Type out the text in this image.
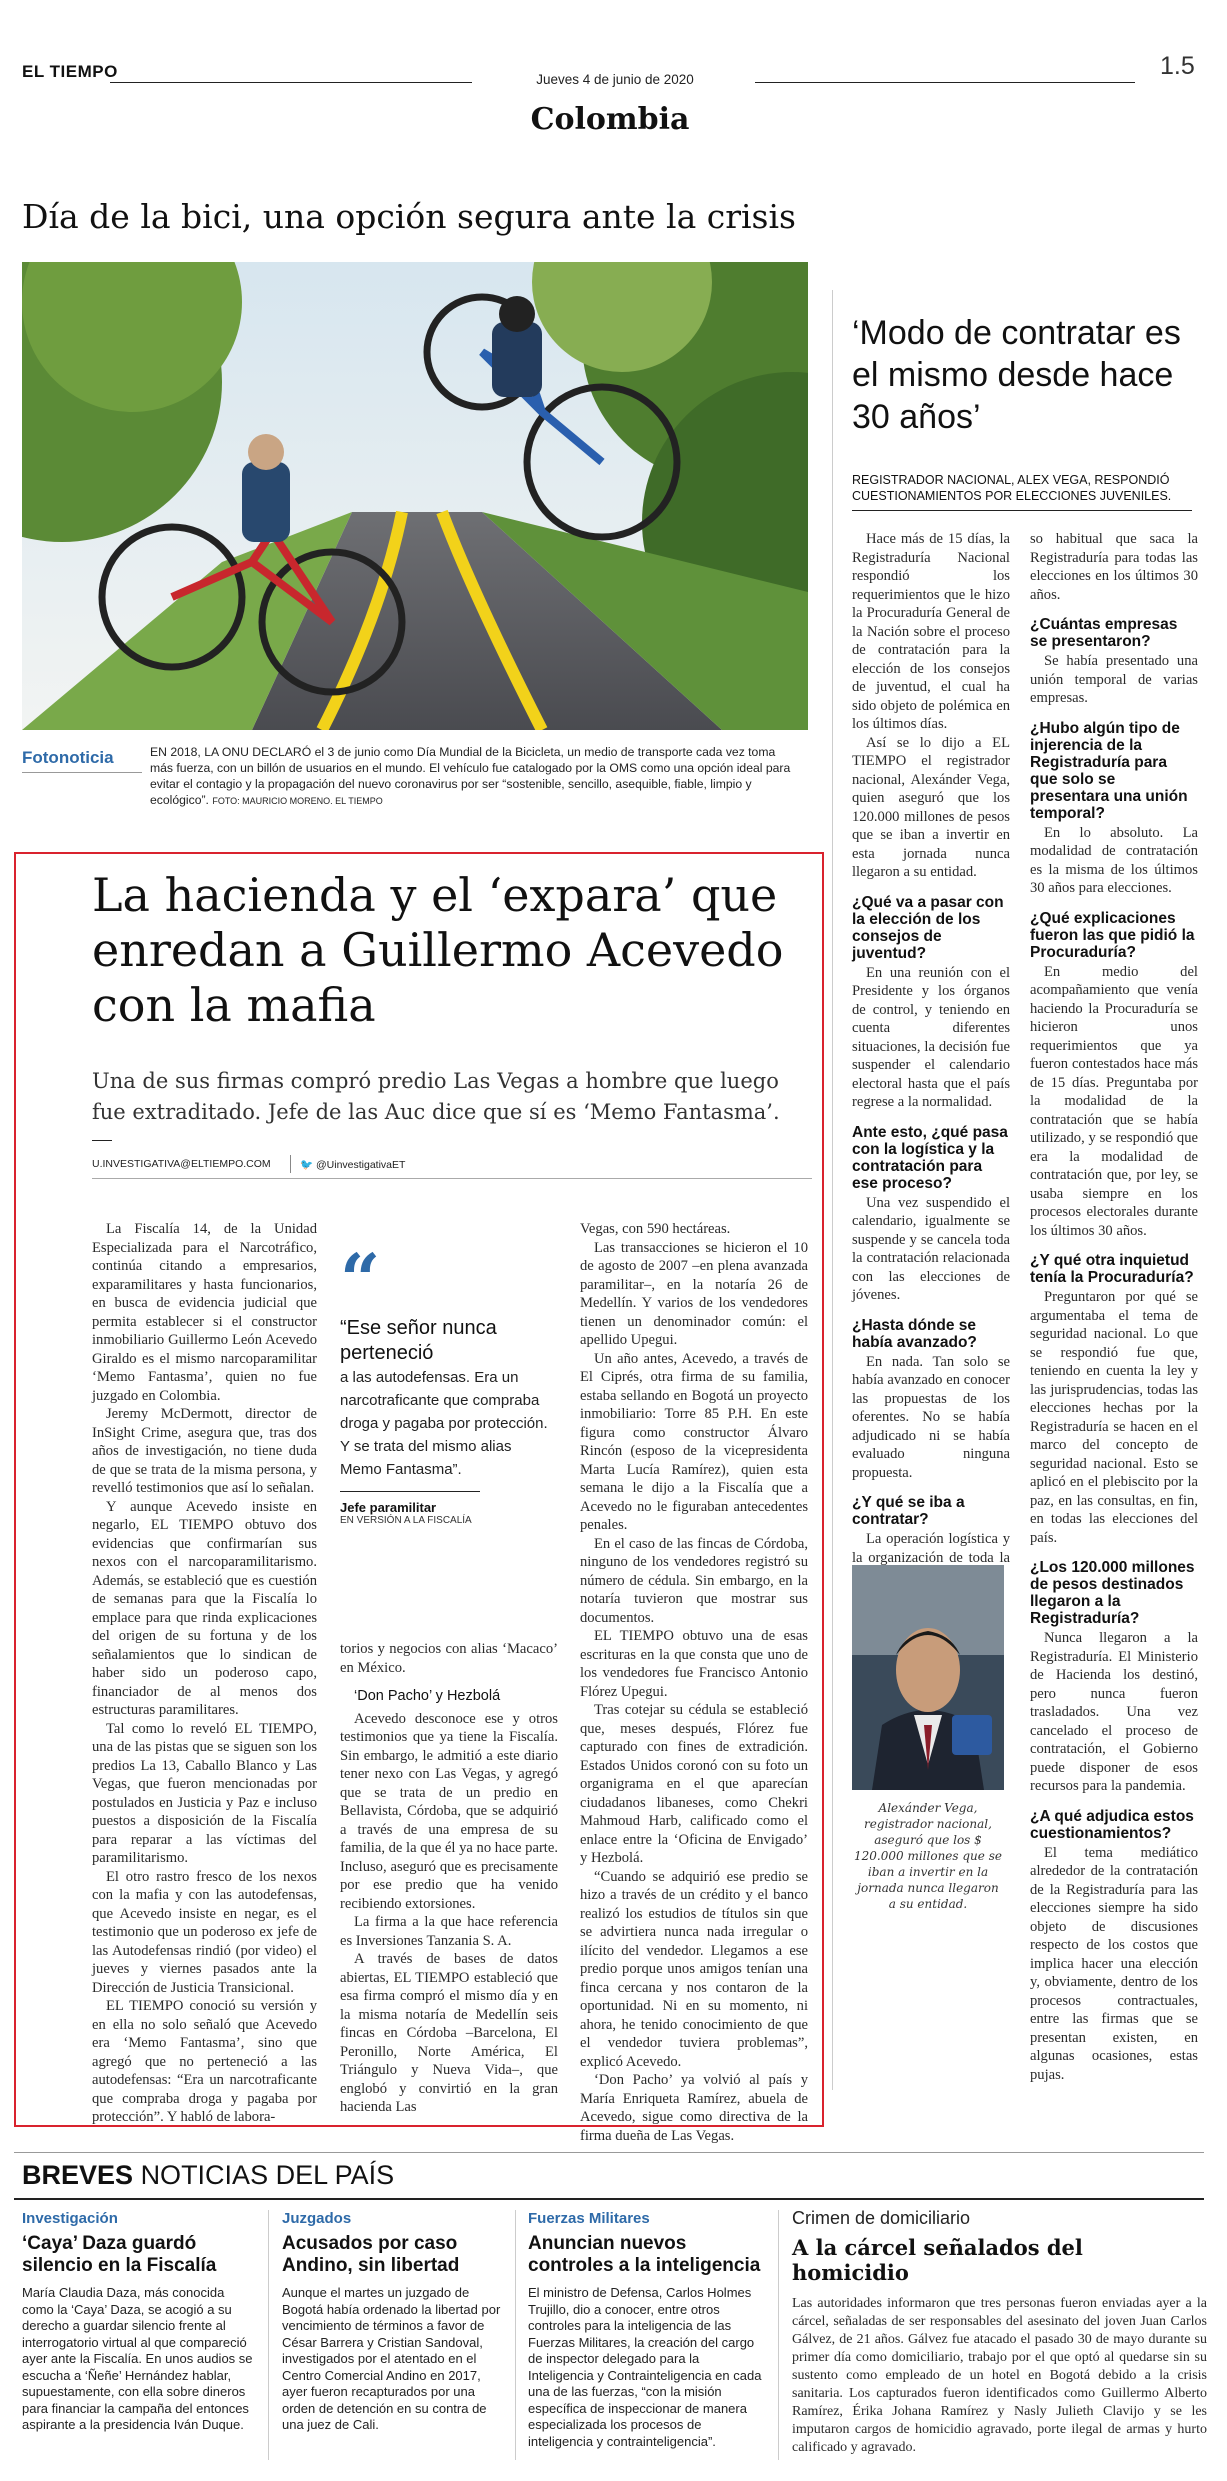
EL TIEMPO	Jueves 4 de junio de 2020	1.5
Colombia
Día de la bici, una opción segura ante la crisis
Fotonoticia	EN 2018, LA ONU DECLARÓ el 3 de junio como Día Mundial de la Bicicleta, un medio de transporte cada vez toma más fuerza, con un billón de usuarios en el mundo. El vehículo fue catalogado por la OMS como una opción ideal para evitar el contagio y la propagación del nuevo coronavirus por ser “sostenible, sencillo, asequible, fiable, limpio y ecológico”. FOTO: MAURICIO MORENO. EL TIEMPO
La hacienda y el ‘expara’ que enredan a Guillermo Acevedo con la mafia
Una de sus firmas compró predio Las Vegas a hombre que luego fue extraditado. Jefe de las Auc dice que sí es ‘Memo Fantasma’.
U.INVESTIGATIVA@ELTIEMPO.COM	🐦 @UinvestigativaET

La Fiscalía 14, de la Unidad Especializada para el Narcotráfico, continúa citando a empresarios, exparamilitares y hasta funcionarios, en busca de evidencia judicial que permita establecer si el constructor inmobiliario Guillermo León Acevedo Giraldo es el mismo narcoparamilitar ‘Memo Fantasma’, quien no fue juzgado en Colombia.

Jeremy McDermott, director de InSight Crime, asegura que, tras dos años de investigación, no tiene duda de que se trata de la misma persona, y revelló testimonios que así lo señalan.

Y aunque Acevedo insiste en negarlo, EL TIEMPO obtuvo dos evidencias que confirmarían sus nexos con el narcoparamilitarismo. Además, se estableció que es cuestión de semanas para que la Fiscalía lo emplace para que rinda explicaciones del origen de su fortuna y de los señalamientos que lo sindican de haber sido un poderoso capo, financiador de al menos dos estructuras paramilitares.

Tal como lo reveló EL TIEMPO, una de las pistas que se siguen son los predios La 13, Caballo Blanco y Las Vegas, que fueron mencionadas por postulados en Justicia y Paz e incluso puestos a disposición de la Fiscalía para reparar a las víctimas del paramilitarismo.

El otro rastro fresco de los nexos con la mafia y con las autodefensas, que Acevedo insiste en negar, es el testimonio que un poderoso ex jefe de las Autodefensas rindió (por video) el jueves y viernes pasados ante la Dirección de Justicia Transicional.

EL TIEMPO conoció su versión y en ella no solo señaló que Acevedo era ‘Memo Fantasma’, sino que agregó que no perteneció a las autodefensas: “Era un narcotraficante que compraba droga y pagaba por protección”. Y habló de labora-

“
“Ese señor nunca perteneció
a las autodefensas. Era un narcotraficante que compraba droga y pagaba por protección. Y se trata del mismo alias Memo Fantasma”.
Jefe paramilitar
EN VERSIÓN A LA FISCALÍA

torios y negocios con alias ‘Macaco’ en México.

‘Don Pacho’ y Hezbolá

Acevedo desconoce ese y otros testimonios que ya tiene la Fiscalía. Sin embargo, le admitió a este diario tener nexo con Las Vegas, y agregó que se trata de un predio en Bellavista, Córdoba, que se adquirió a través de una empresa de su familia, de la que él ya no hace parte. Incluso, aseguró que es precisamente por ese predio que ha venido recibiendo extorsiones.

La firma a la que hace referencia es Inversiones Tanzania S. A.

A través de bases de datos abiertas, EL TIEMPO estableció que esa firma compró el mismo día y en la misma notaría de Medellín seis fincas en Córdoba –Barcelona, El Peronillo, Norte América, El Triángulo y Nueva Vida–, que englobó y convirtió en la gran hacienda Las

Vegas, con 590 hectáreas.

Las transacciones se hicieron el 10 de agosto de 2007 –en plena avanzada paramilitar–, en la notaría 26 de Medellín. Y varios de los vendedores tienen un denominador común: el apellido Upegui.

Un año antes, Acevedo, a través de El Ciprés, otra firma de su familia, estaba sellando en Bogotá un proyecto inmobiliario: Torre 85 P.H. En este figura como constructor Álvaro Rincón (esposo de la vicepresidenta Marta Lucía Ramírez), quien esta semana le dijo a la Fiscalía que a Acevedo no le figuraban antecedentes penales.

En el caso de las fincas de Córdoba, ninguno de los vendedores registró su número de cédula. Sin embargo, en la notaría tuvieron que mostrar sus documentos.

EL TIEMPO obtuvo una de esas escrituras en la que consta que uno de los vendedores fue Francisco Antonio Flórez Upegui.

Tras cotejar su cédula se estableció que, meses después, Flórez fue capturado con fines de extradición. Estados Unidos coronó con su foto un organigrama en el que aparecían ciudadanos libaneses, como Chekri Mahmoud Harb, calificado como el enlace entre la ‘Oficina de Envigado’ y Hezbolá.

“Cuando se adquirió ese predio se hizo a través de un crédito y el banco realizó los estudios de títulos sin que se advirtiera nunca nada irregular o ilícito del vendedor. Llegamos a ese predio porque unos amigos tenían una finca cercana y nos contaron de la oportunidad. Ni en su momento, ni ahora, he tenido conocimiento de que el vendedor tuviera problemas”, explicó Acevedo.

‘Don Pacho’ ya volvió al país y María Enriqueta Ramírez, abuela de Acevedo, sigue como directiva de la firma dueña de Las Vegas.

‘Modo de contratar es el mismo desde hace 30 años’
REGISTRADOR NACIONAL, ALEX VEGA, RESPONDIÓ CUESTIONAMIENTOS POR ELECCIONES JUVENILES.

Hace más de 15 días, la Registraduría Nacional respondió los requerimientos que le hizo la Procuraduría General de la Nación sobre el proceso de contratación para la elección de los consejos de juventud, el cual ha sido objeto de polémica en los últimos días.

Así se lo dijo a EL TIEMPO el registrador nacional, Alexánder Vega, quien aseguró que los 120.000 millones de pesos que se iban a invertir en esta jornada nunca llegaron a su entidad.

¿Qué va a pasar con la elección de los consejos de juventud?

En una reunión con el Presidente y los órganos de control, y teniendo en cuenta diferentes situaciones, la decisión fue suspender el calendario electoral hasta que el país regrese a la normalidad.

Ante esto, ¿qué pasa con la logística y la contratación para ese proceso?

Una vez suspendido el calendario, igualmente se suspende y se cancela toda la contratación relacionada con las elecciones de jóvenes.

¿Hasta dónde se había avanzado?

En nada. Tan solo se había avanzado en conocer las propuestas de los oferentes. No se había adjudicado ni se había evaluado ninguna propuesta.

¿Y qué se iba a contratar?

La operación logística y la organización de toda la

Alexánder Vega, registrador nacional, aseguró que los $ 120.000 millones que se iban a invertir en la jornada nunca llegaron a su entidad.

so habitual que saca la Registraduría para todas las elecciones en los últimos 30 años.

¿Cuántas empresas se presentaron?

Se había presentado una unión temporal de varias empresas.

¿Hubo algún tipo de injerencia de la Registraduría para que solo se presentara una unión temporal?

En lo absoluto. La modalidad de contratación es la misma de los últimos 30 años para elecciones.

¿Qué explicaciones fueron las que pidió la Procuraduría?

En medio del acompañamiento que venía haciendo la Procuraduría se hicieron unos requerimientos que ya fueron contestados hace más de 15 días. Preguntaba por la modalidad de la contratación que se había utilizado, y se respondió que era la modalidad de contratación que, por ley, se usaba siempre en los procesos electorales durante los últimos 30 años.

¿Y qué otra inquietud tenía la Procuraduría?

Preguntaron por qué se argumentaba el tema de seguridad nacional. Lo que se respondió fue que, teniendo en cuenta la ley y las jurisprudencias, todas las elecciones hechas por la Registraduría se hacen en el marco del concepto de seguridad nacional. Esto se aplicó en el plebiscito por la paz, en las consultas, en fin, en todas las elecciones del país.

¿Los 120.000 millones de pesos destinados llegaron a la Registraduría?

Nunca llegaron a la Registraduría. El Ministerio de Hacienda los destinó, pero nunca fueron trasladados. Una vez cancelado el proceso de contratación, el Gobierno puede disponer de esos recursos para la pandemia.

¿A qué adjudica estos cuestionamientos?

El tema mediático alrededor de la contratación de la Registraduría para las elecciones siempre ha sido objeto de discusiones respecto de los costos que implica hacer una elección y, obviamente, dentro de los procesos contractuales, entre las firmas que se presentan existen, en algunas ocasiones, estas pujas.

BREVES NOTICIAS DEL PAÍS
Investigación
‘Caya’ Daza guardó silencio en la Fiscalía
María Claudia Daza, más conocida como la ‘Caya’ Daza, se acogió a su derecho a guardar silencio frente al interrogatorio virtual al que compareció ayer ante la Fiscalía. En unos audios se escucha a ‘Ñeñe’ Hernández hablar, supuestamente, con ella sobre dineros para financiar la campaña del entonces aspirante a la presidencia Iván Duque.
Juzgados
Acusados por caso Andino, sin libertad
Aunque el martes un juzgado de Bogotá había ordenado la libertad por vencimiento de términos a favor de César Barrera y Cristian Sandoval, investigados por el atentado en el Centro Comercial Andino en 2017, ayer fueron recapturados por una orden de detención en su contra de una juez de Cali.
Fuerzas Militares
Anuncian nuevos controles a la inteligencia
El ministro de Defensa, Carlos Holmes Trujillo, dio a conocer, entre otros controles para la inteligencia de las Fuerzas Militares, la creación del cargo de inspector delegado para la Inteligencia y Contrainteligencia en cada una de las fuerzas, “con la misión específica de inspeccionar de manera especializada los procesos de inteligencia y contrainteligencia”.
Crimen de domiciliario
A la cárcel señalados del homicidio
Las autoridades informaron que tres personas fueron enviadas ayer a la cárcel, señaladas de ser responsables del asesinato del joven Juan Carlos Gálvez, de 21 años. Gálvez fue atacado el pasado 30 de mayo durante su primer día como domiciliario, trabajo por el que optó al quedarse sin su sustento como empleado de un hotel en Bogotá debido a la crisis sanitaria. Los capturados fueron identificados como Guillermo Alberto Ramírez, Érika Johana Ramírez y Nasly Julieth Clavijo y se les imputaron cargos de homicidio agravado, porte ilegal de armas y hurto calificado y agravado.
